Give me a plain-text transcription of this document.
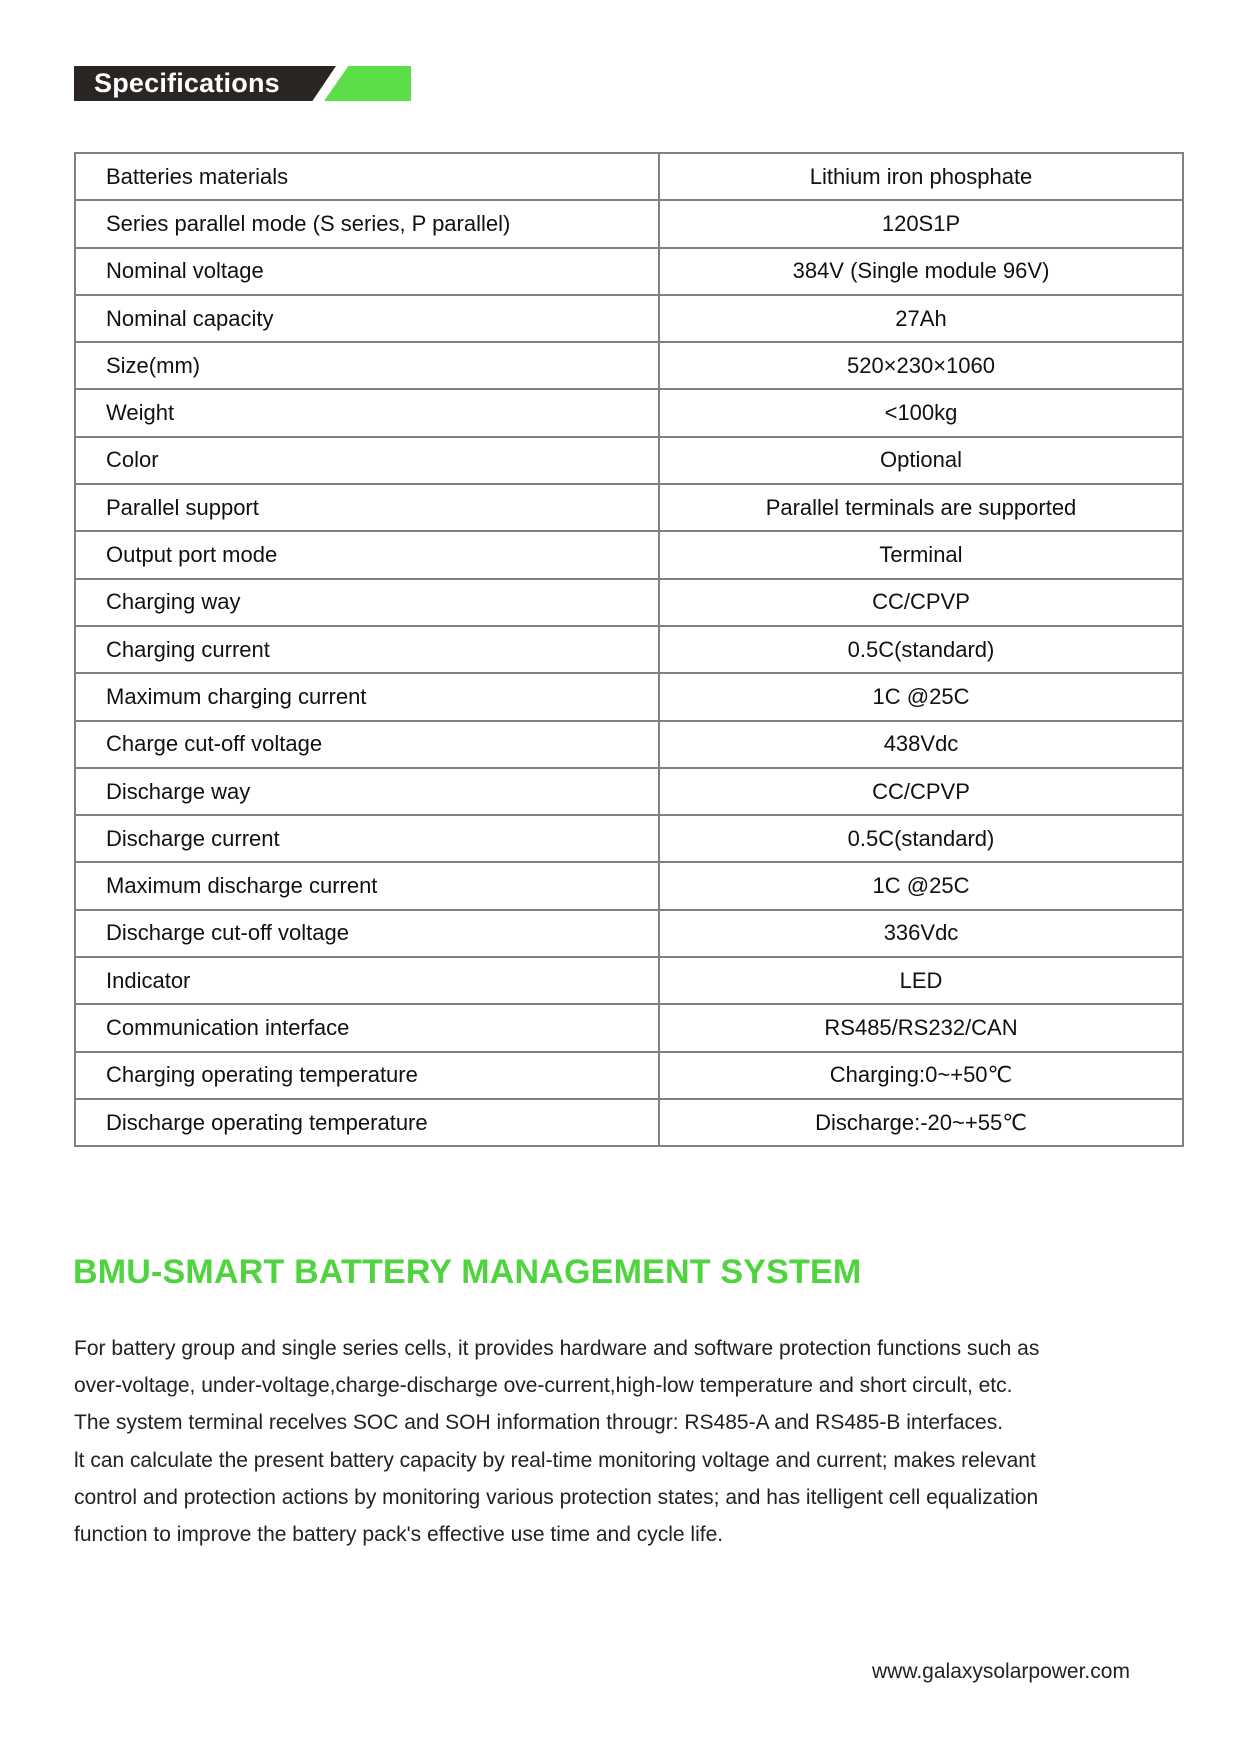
Specifications
Batteries materials	Lithium iron phosphate
Series parallel mode (S series, P parallel)	120S1P
Nominal voltage	384V (Single module 96V)
Nominal capacity	27Ah
Size(mm)	520×230×1060
Weight	<100kg
Color	Optional
Parallel support	Parallel terminals are supported
Output port mode	Terminal
Charging way	CC/CPVP
Charging current	0.5C(standard)
Maximum charging current	1C @25C
Charge cut-off voltage	438Vdc
Discharge way	CC/CPVP
Discharge current	0.5C(standard)
Maximum discharge current	1C @25C
Discharge cut-off voltage	336Vdc
Indicator	LED
Communication interface	RS485/RS232/CAN
Charging operating temperature	Charging:0~+50℃
Discharge operating temperature	Discharge:-20~+55℃
BMU-SMART BATTERY MANAGEMENT SYSTEM

For battery group and single series cells, it provides hardware and software protection functions such as

over-voltage, under-voltage,charge-discharge ove-current,high-low temperature and short circult, etc.

The system terminal recelves SOC and SOH information througr: RS485-A and RS485-B interfaces.

lt can calculate the present battery capacity by real-time monitoring voltage and current; makes relevant

control and protection actions by monitoring various protection states; and has itelligent cell equalization

function to improve the battery pack's effective use time and cycle life.

www.galaxysolarpower.com
